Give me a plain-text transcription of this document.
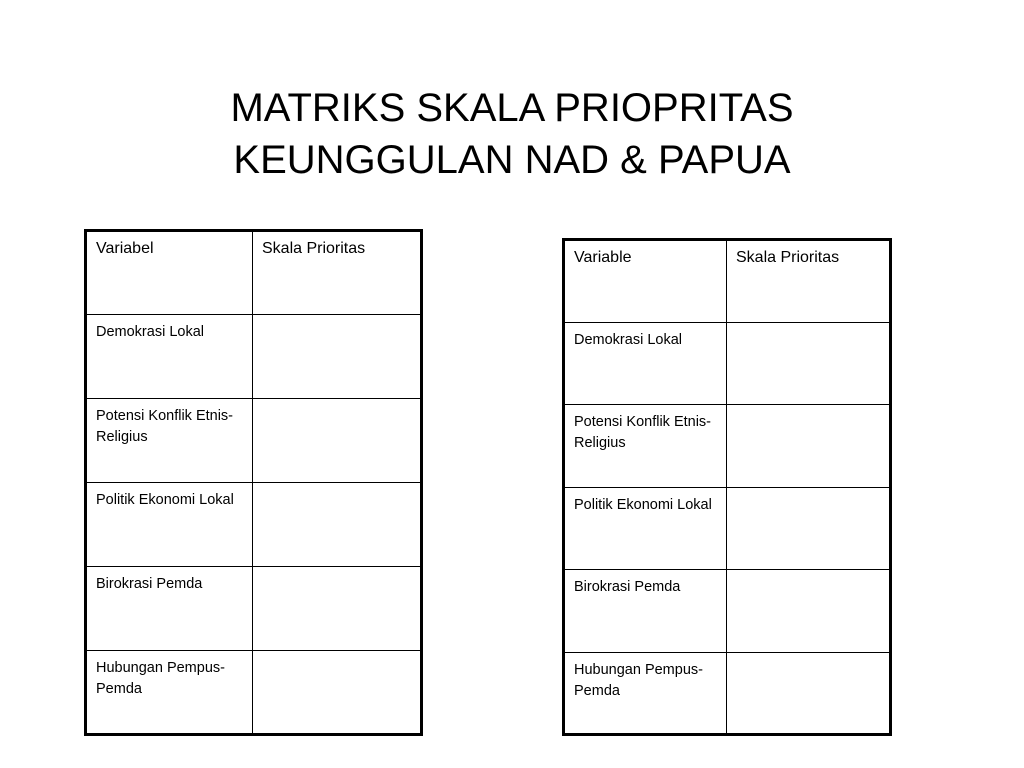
MATRIKS SKALA PRIOPRITAS
KEUNGGULAN NAD & PAPUA
Variabel	Skala Prioritas
Demokrasi Lokal	
Potensi Konflik Etnis-Religius	
Politik Ekonomi Lokal	
Birokrasi Pemda	
Hubungan Pempus-Pemda	
Variable	Skala Prioritas
Demokrasi Lokal	
Potensi Konflik Etnis-Religius	
Politik Ekonomi Lokal	
Birokrasi Pemda	
Hubungan Pempus-Pemda	
